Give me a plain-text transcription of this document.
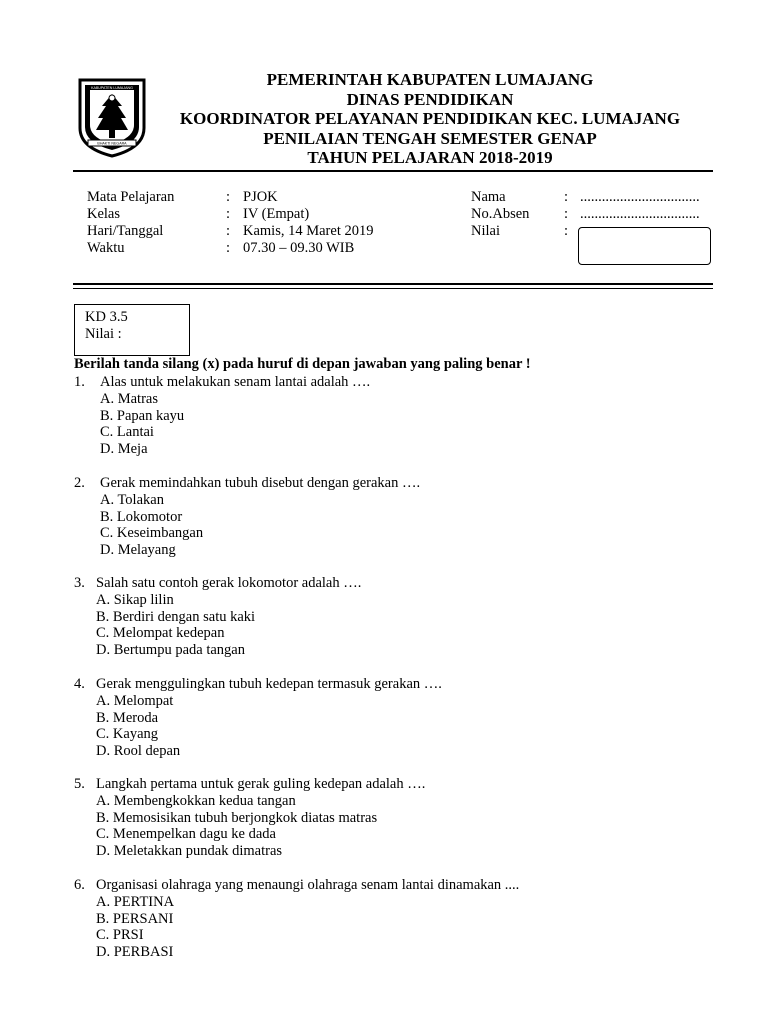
KABUPATEN LUMAJANG
BHAKTI NEGARA
PEMERINTAH KABUPATEN LUMAJANG
DINAS PENDIDIKAN
KOORDINATOR PELAYANAN PENDIDIKAN KEC. LUMAJANG
PENILAIAN TENGAH SEMESTER GENAP
TAHUN PELAJARAN 2018-2019
Mata Pelajaran	: PJOK
Kelas	: IV (Empat)
Hari/Tanggal	: Kamis, 14 Maret 2019
Waktu	: 07.30 – 09.30 WIB
Nama	: .................................
No.Absen : .................................
Nilai	:
KD 3.5
Nilai :
Berilah tanda silang (x) pada huruf di depan jawaban yang paling benar !
1. Alas untuk melakukan senam lantai adalah ….
A. Matras
B. Papan kayu
C. Lantai
D. Meja
2. Gerak memindahkan tubuh disebut dengan gerakan ….
A. Tolakan
B. Lokomotor
C. Keseimbangan
D. Melayang
3. Salah satu contoh gerak lokomotor adalah ….
A. Sikap lilin
B. Berdiri dengan satu kaki
C. Melompat kedepan
D. Bertumpu pada tangan
4. Gerak menggulingkan tubuh kedepan termasuk gerakan ….
A. Melompat
B. Meroda
C. Kayang
D. Rool depan
5. Langkah pertama untuk gerak guling kedepan adalah ….
A. Membengkokkan kedua tangan
B. Memosisikan tubuh berjongkok diatas matras
C. Menempelkan dagu ke dada
D. Meletakkan pundak dimatras
6. Organisasi olahraga yang menaungi olahraga senam lantai dinamakan ....
A. PERTINA
B. PERSANI
C. PRSI
D. PERBASI
